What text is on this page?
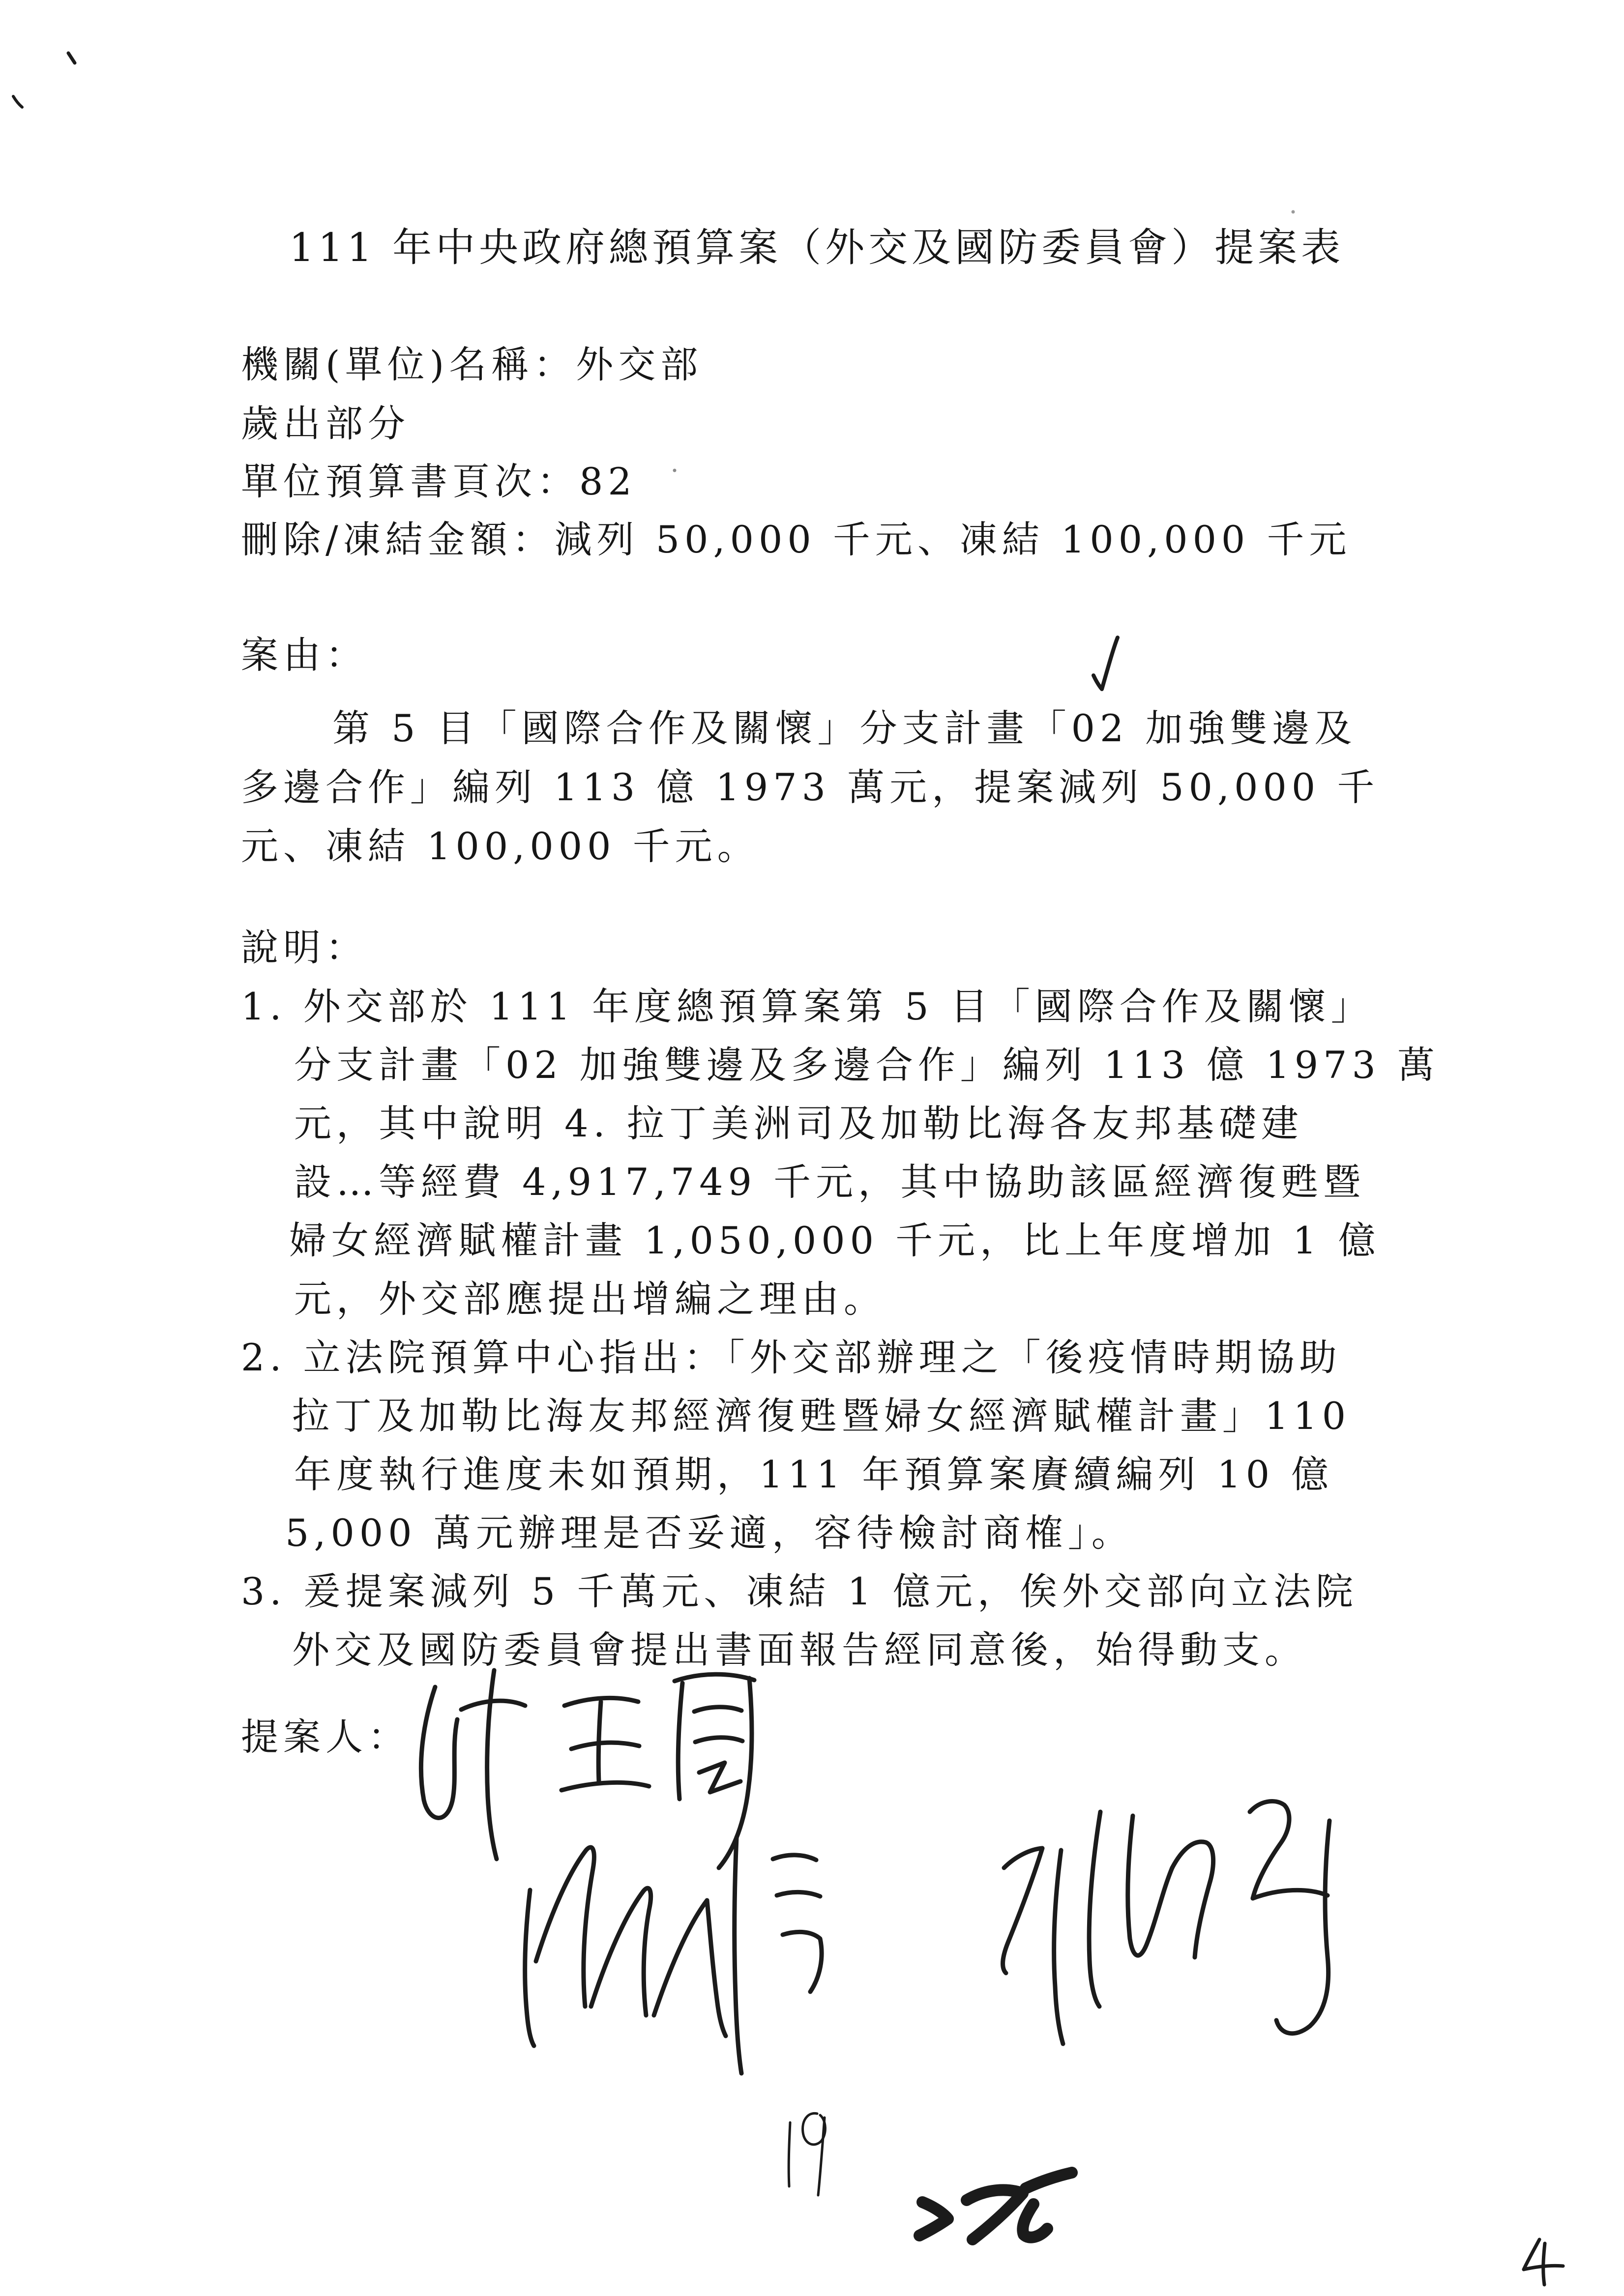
111 年中央政府總預算案（外交及國防委員會）提案表
機關(單位)名稱：外交部
歲出部分
單位預算書頁次：82
刪除/凍結金額：減列 50,000 千元、凍結 100,000 千元
案由：
第 5 目「國際合作及關懷」分支計畫「02 加強雙邊及
多邊合作」編列 113 億 1973 萬元，提案減列 50,000 千
元、凍結 100,000 千元。
說明：
1. 外交部於 111 年度總預算案第 5 目「國際合作及關懷」
分支計畫「02 加強雙邊及多邊合作」編列 113 億 1973 萬
元，其中說明 4. 拉丁美洲司及加勒比海各友邦基礎建
設…等經費 4,917,749 千元，其中協助該區經濟復甦暨
婦女經濟賦權計畫 1,050,000 千元，比上年度增加 1 億
元，外交部應提出增編之理由。
2. 立法院預算中心指出：「外交部辦理之「後疫情時期協助
拉丁及加勒比海友邦經濟復甦暨婦女經濟賦權計畫」110
年度執行進度未如預期，111 年預算案賡續編列 10 億
5,000 萬元辦理是否妥適，容待檢討商榷」。
3. 爰提案減列 5 千萬元、凍結 1 億元，俟外交部向立法院
外交及國防委員會提出書面報告經同意後，始得動支。
提案人：
